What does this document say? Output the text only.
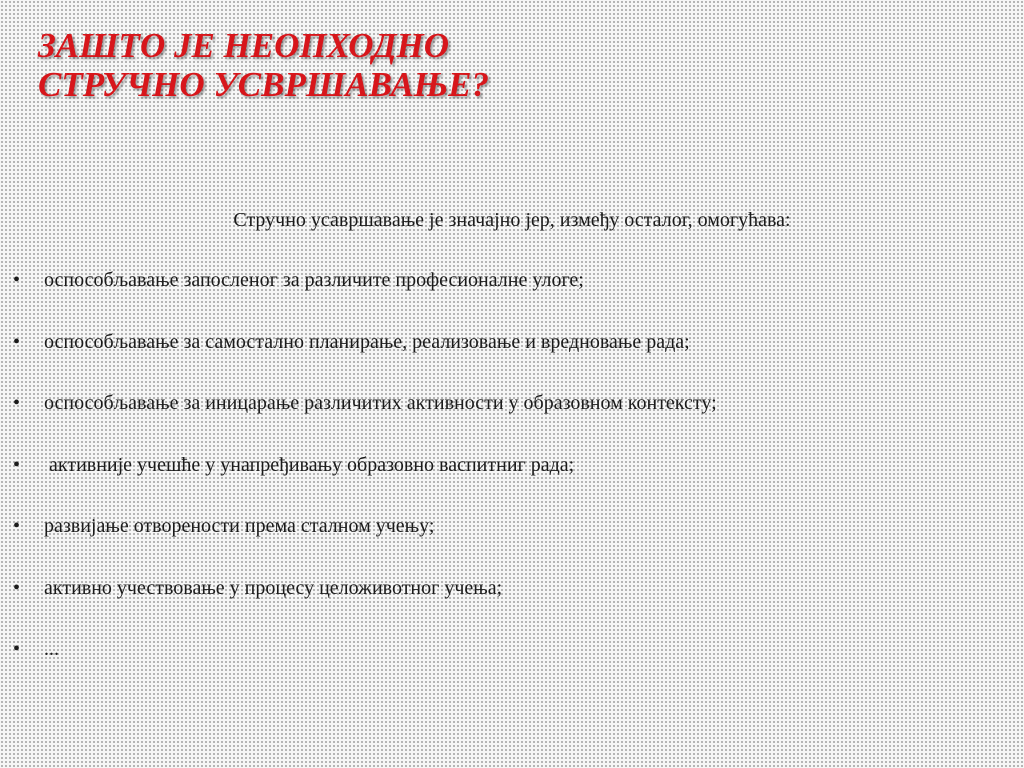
ЗАШТО ЈЕ НЕОПХОДНО
СТРУЧНО УСВРШАВАЊЕ?
Стручно усавршавање је значајно јер, између осталог, омогућава:
• оспособљавање запосленог за различите професионалне улоге;
• оспособљавање за самостално планирање, реализовање и вредновање рада;
• оспособљавање за иницарање различитих активности у образовном контексту;
• активније учешће у унапређивању образовно васпитниг рада;
• развијање отворености према сталном учењу;
• активно учествовање у процесу целоживотног учења;
• ...
